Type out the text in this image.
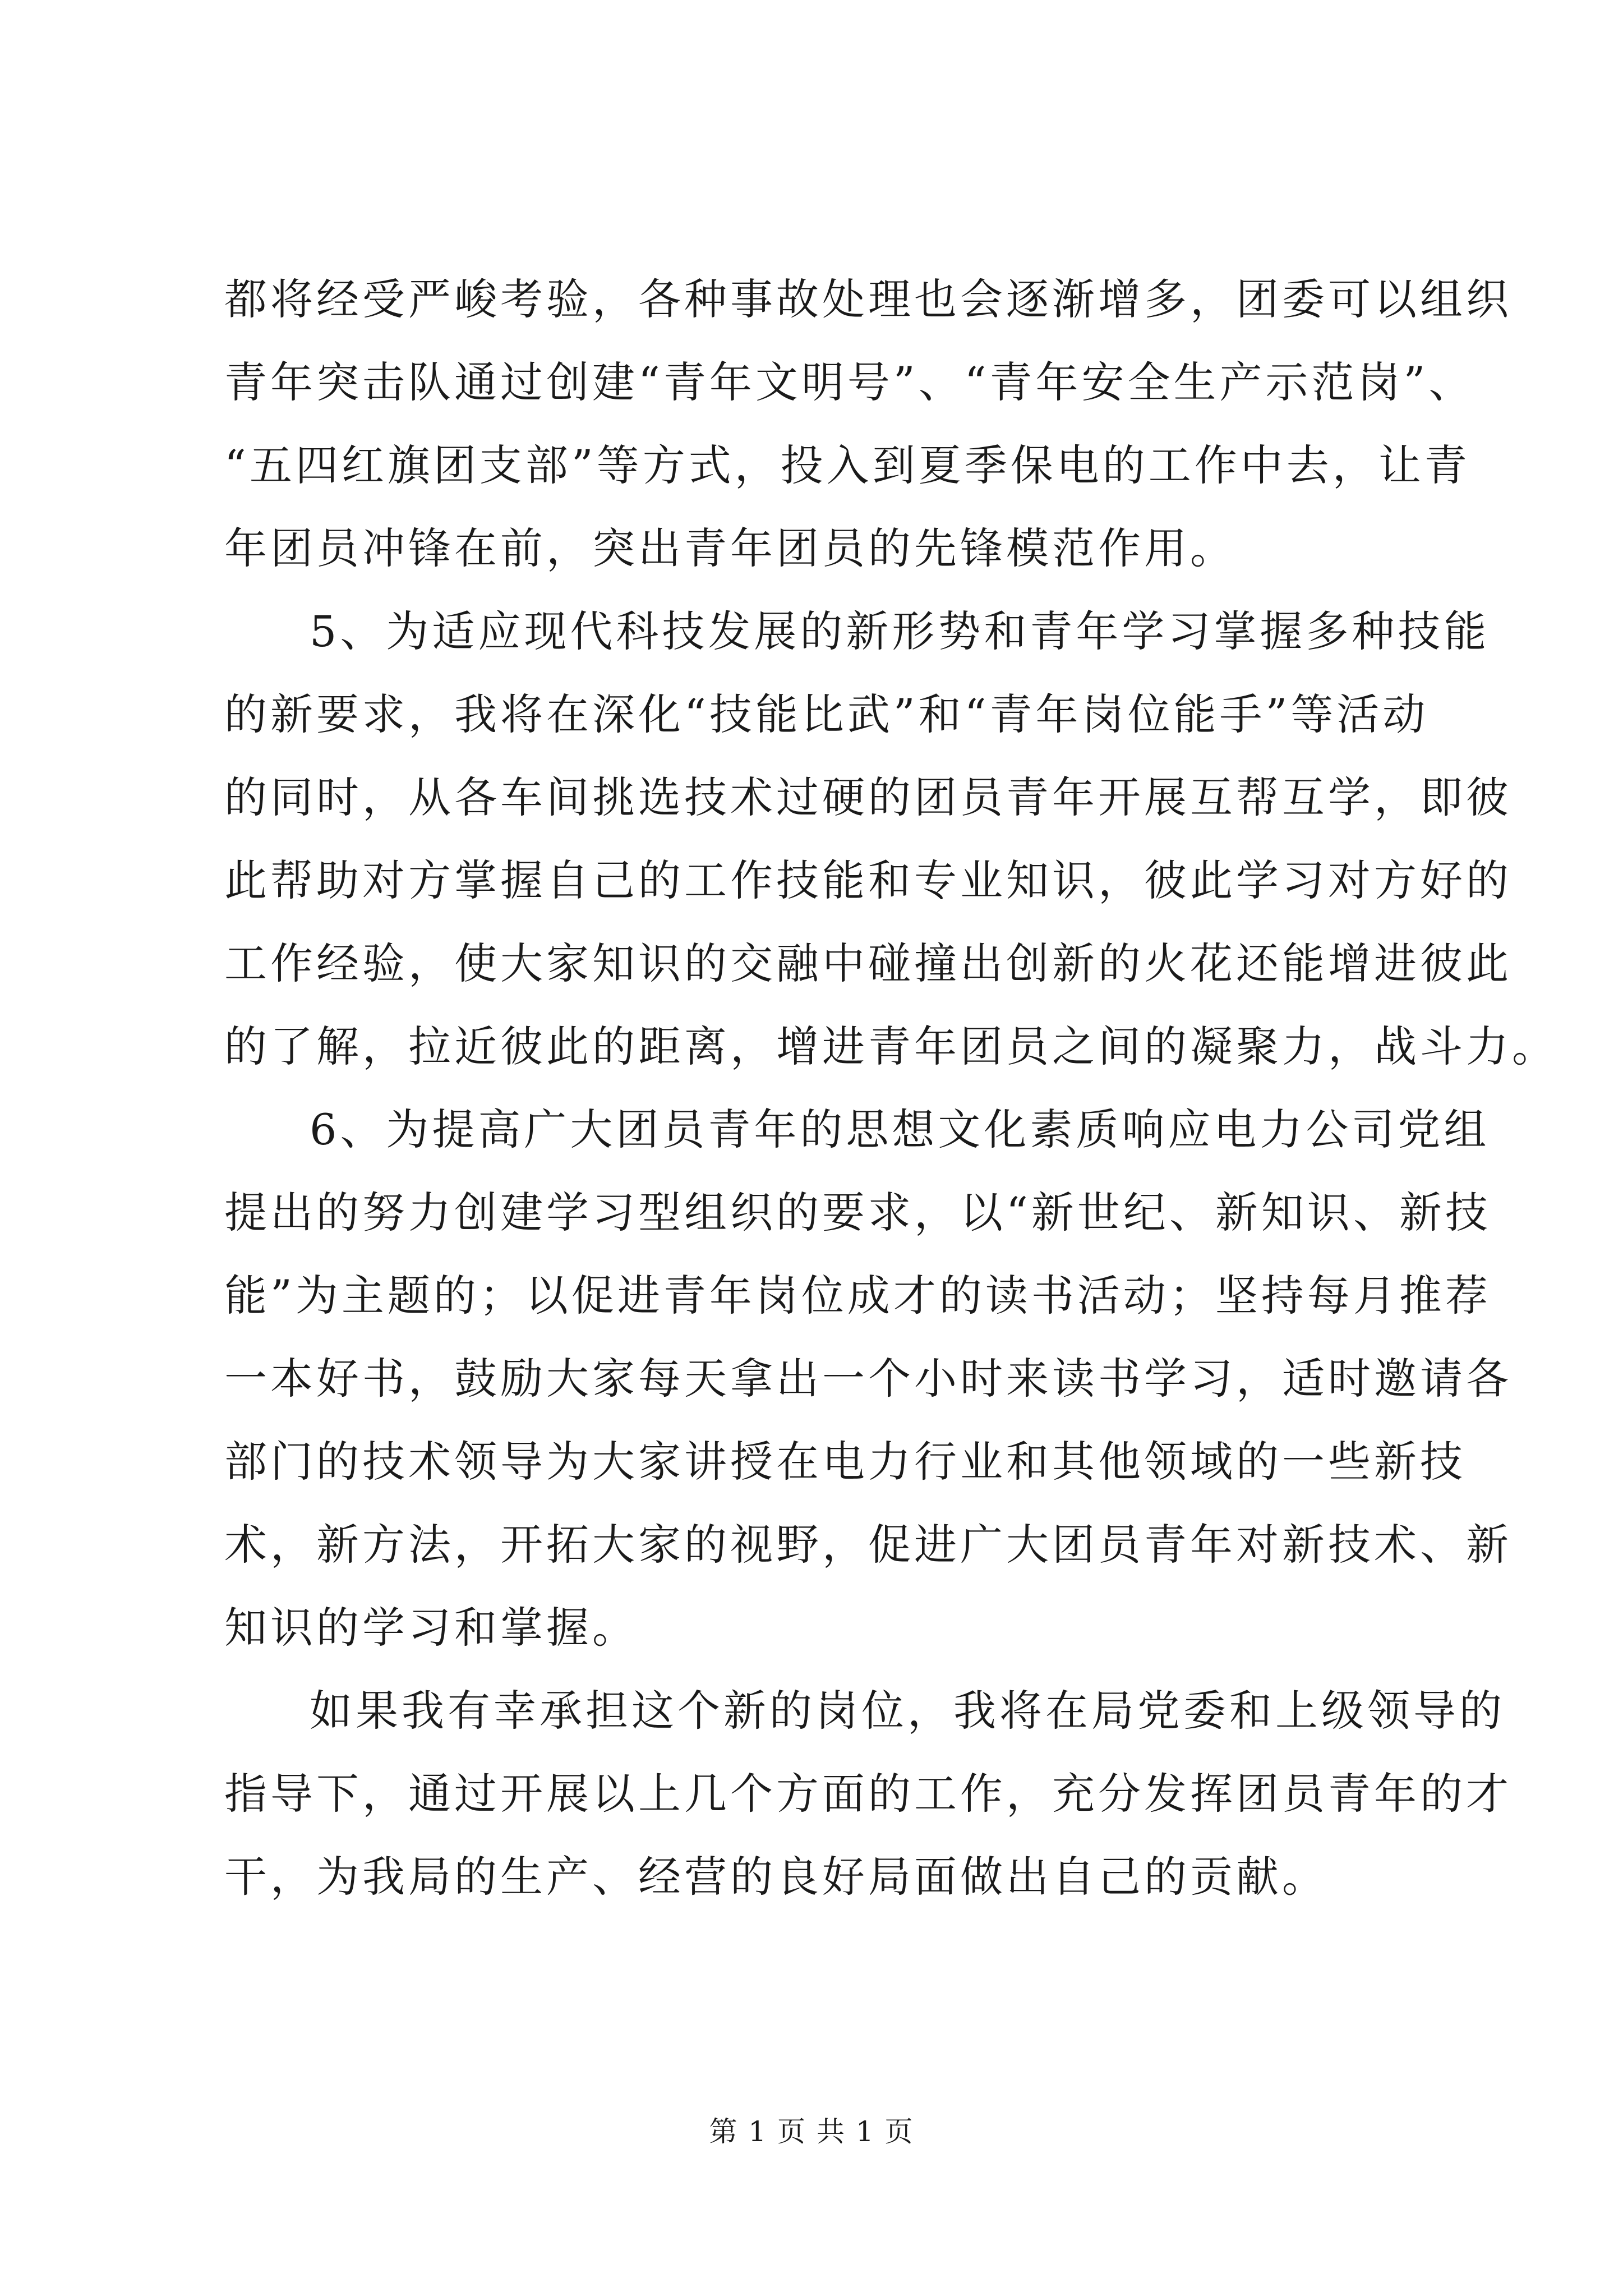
都将经受严峻考验，各种事故处理也会逐渐增多，团委可以组织
青年突击队通过创建“青年文明号”、“青年安全生产示范岗”、
“五四红旗团支部”等方式，投入到夏季保电的工作中去，让青
年团员冲锋在前，突出青年团员的先锋模范作用。
5、为适应现代科技发展的新形势和青年学习掌握多种技能
的新要求，我将在深化“技能比武”和“青年岗位能手”等活动
的同时，从各车间挑选技术过硬的团员青年开展互帮互学，即彼
此帮助对方掌握自己的工作技能和专业知识，彼此学习对方好的
工作经验，使大家知识的交融中碰撞出创新的火花还能增进彼此
的了解，拉近彼此的距离，增进青年团员之间的凝聚力，战斗力。
6、为提高广大团员青年的思想文化素质响应电力公司党组
提出的努力创建学习型组织的要求，以“新世纪、新知识、新技
能”为主题的；以促进青年岗位成才的读书活动；坚持每月推荐
一本好书，鼓励大家每天拿出一个小时来读书学习，适时邀请各
部门的技术领导为大家讲授在电力行业和其他领域的一些新技
术，新方法，开拓大家的视野，促进广大团员青年对新技术、新
知识的学习和掌握。
如果我有幸承担这个新的岗位，我将在局党委和上级领导的
指导下，通过开展以上几个方面的工作，充分发挥团员青年的才
干，为我局的生产、经营的良好局面做出自己的贡献。
第 1 页 共 1 页
